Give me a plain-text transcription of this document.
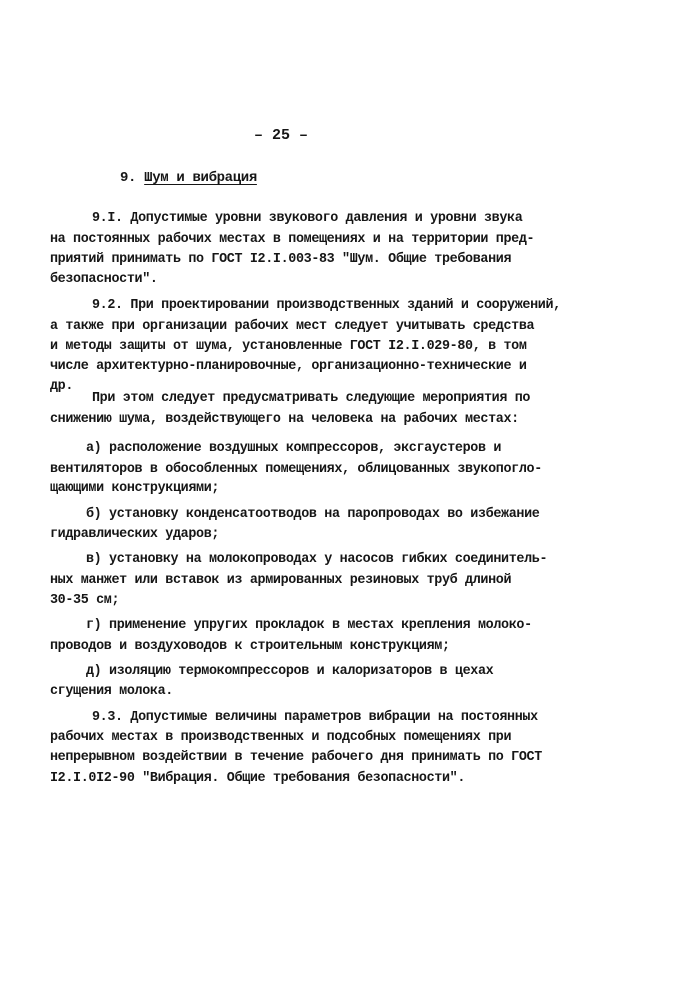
– 25 –
9. Шум и вибрация
9.I. Допустимые уровни звукового давления и уровни звука
на постоянных рабочих местах в помещениях и на территории пред-
приятий принимать по ГОСТ I2.I.003-83 "Шум. Общие требования
безопасности".
9.2. При проектировании производственных зданий и сооружений,
а также при организации рабочих мест следует учитывать средства
и методы защиты от шума, установленные ГОСТ I2.I.029-80, в том
числе архитектурно-планировочные, организационно-технические и
др.
При этом следует предусматривать следующие мероприятия по
снижению шума, воздействующего на человека на рабочих местах:
а) расположение воздушных компрессоров, эксгаустеров и
вентиляторов в обособленных помещениях, облицованных звукопогло-
щающими конструкциями;
б) установку конденсатоотводов на паропроводах во избежание
гидравлических ударов;
в) установку на молокопроводах у насосов гибких соединитель-
ных манжет или вставок из армированных резиновых труб длиной
30-35 см;
г) применение упругих прокладок в местах крепления молоко-
проводов и воздуховодов к строительным конструкциям;
д) изоляцию термокомпрессоров и калоризаторов в цехах
сгущения молока.
9.3. Допустимые величины параметров вибрации на постоянных
рабочих местах в производственных и подсобных помещениях при
непрерывном воздействии в течение рабочего дня принимать по ГОСТ
I2.I.0I2-90 "Вибрация. Общие требования безопасности".
